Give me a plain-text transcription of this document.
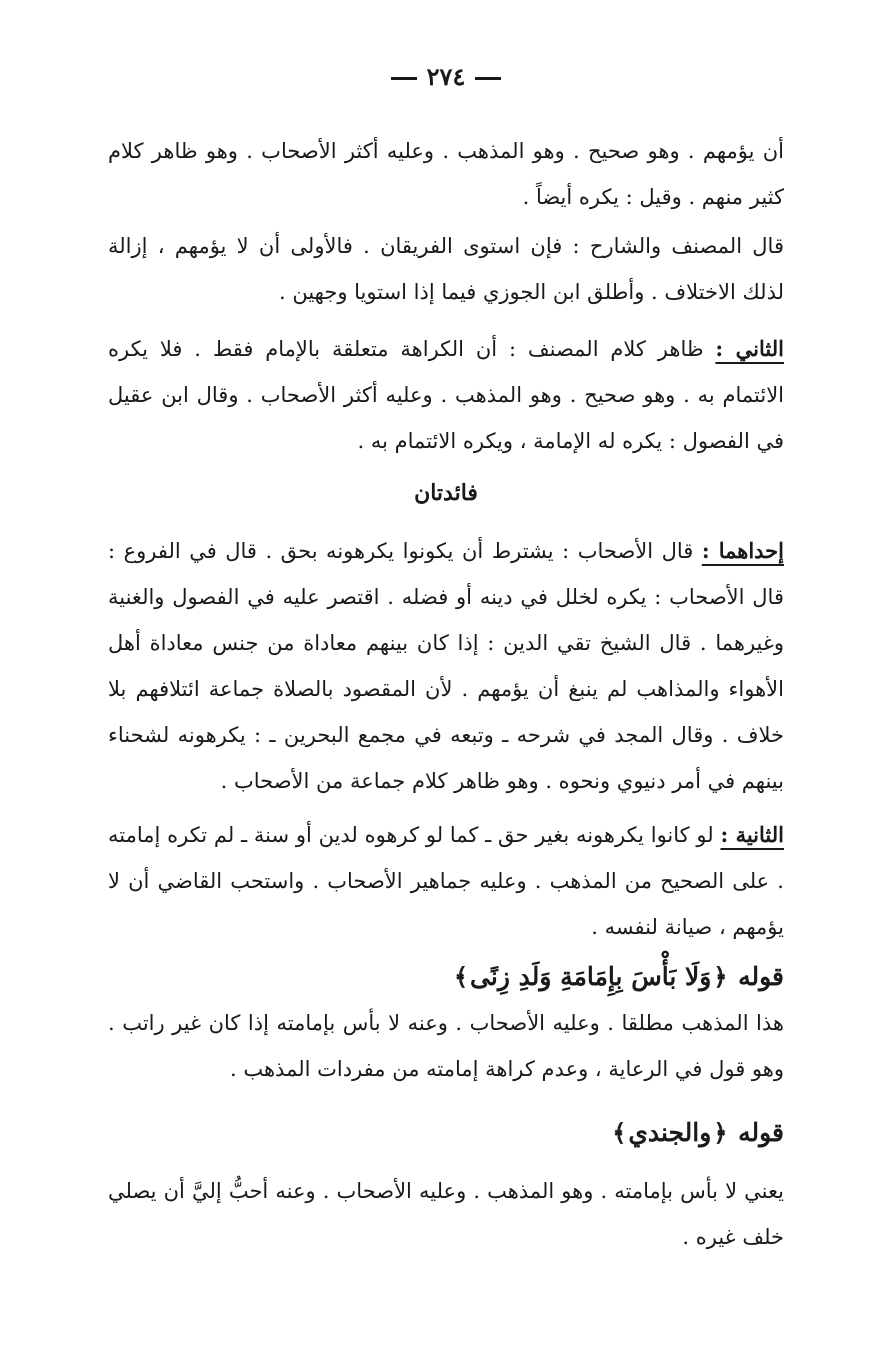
٢٧٤
أن يؤمهم . وهو صحيح . وهو المذهب . وعليه أكثر الأصحاب . وهو ظاهر كلام كثير منهم . وقيل : يكره أيضاً .
قال المصنف والشارح : فإن استوى الفريقان . فالأولى أن لا يؤمهم ، إزالة لذلك الاختلاف . وأطلق ابن الجوزي فيما إذا استويا وجهين .
الثاني : ظاهر كلام المصنف : أن الكراهة متعلقة بالإمام فقط . فلا يكره الائتمام به . وهو صحيح . وهو المذهب . وعليه أكثر الأصحاب . وقال ابن عقيل في الفصول : يكره له الإمامة ، ويكره الائتمام به .
فائدتان
إحداهما : قال الأصحاب : يشترط أن يكونوا يكرهونه بحق . قال في الفروع : قال الأصحاب : يكره لخلل في دينه أو فضله . اقتصر عليه في الفصول والغنية وغيرهما . قال الشيخ تقي الدين : إذا كان بينهم معاداة من جنس معاداة أهل الأهواء والمذاهب لم ينبغ أن يؤمهم . لأن المقصود بالصلاة جماعة ائتلافهم بلا خلاف . وقال المجد في شرحه ـ وتبعه في مجمع البحرين ـ : يكرهونه لشحناء بينهم في أمر دنيوي ونحوه . وهو ظاهر كلام جماعة من الأصحاب .
الثانية : لو كانوا يكرهونه بغير حق ـ كما لو كرهوه لدين أو سنة ـ لم تكره إمامته . على الصحيح من المذهب . وعليه جماهير الأصحاب . واستحب القاضي أن لا يؤمهم ، صيانة لنفسه .
قوله ﴿وَلَا بَأْسَ بِإِمَامَةِ وَلَدِ زِنًى﴾
هذا المذهب مطلقا . وعليه الأصحاب . وعنه لا بأس بإمامته إذا كان غير راتب . وهو قول في الرعاية ، وعدم كراهة إمامته من مفردات المذهب .
قوله ﴿والجندي﴾
يعني لا بأس بإمامته . وهو المذهب . وعليه الأصحاب . وعنه أحبُّ إليَّ أن يصلي خلف غيره .
